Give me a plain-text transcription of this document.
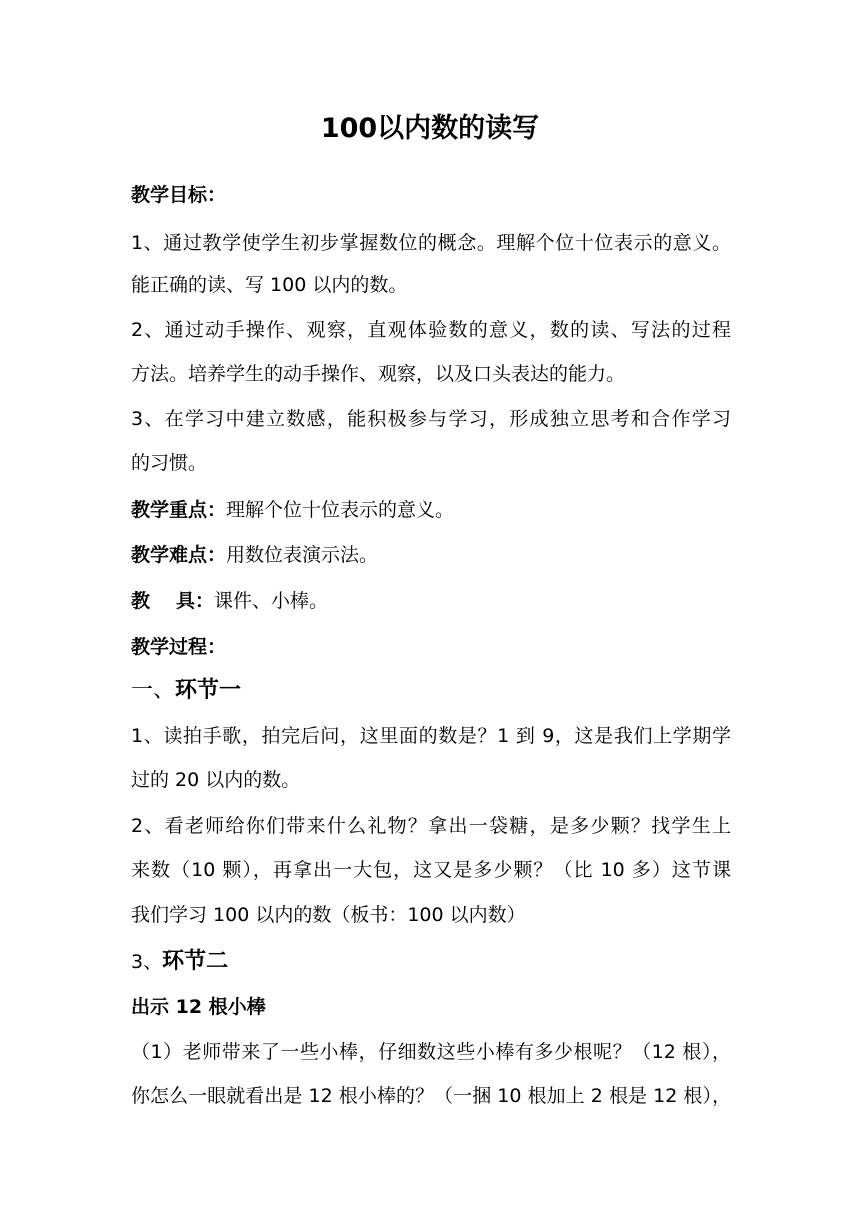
100以内数的读写
教学目标：
1、通过教学使学生初步掌握数位的概念。理解个位十位表示的意义。
能正确的读、写 100 以内的数。
2、通过动手操作、观察，直观体验数的意义，数的读、写法的过程
方法。培养学生的动手操作、观察，以及口头表达的能力。
3、在学习中建立数感，能积极参与学习，形成独立思考和合作学习
的习惯。
教学重点：理解个位十位表示的意义。
教学难点：用数位表演示法。
教 具：课件、小棒。
教学过程：
一、环节一
1、读拍手歌，拍完后问，这里面的数是？1 到 9，这是我们上学期学
过的 20 以内的数。
2、看老师给你们带来什么礼物？拿出一袋糖，是多少颗？找学生上
来数（10 颗），再拿出一大包，这又是多少颗？（比 10 多）这节课
我们学习 100 以内的数（板书：100 以内数）
3、环节二
出示 12 根小棒
（1）老师带来了一些小棒，仔细数这些小棒有多少根呢？（12 根），
你怎么一眼就看出是 12 根小棒的？（一捆 10 根加上 2 根是 12 根），
